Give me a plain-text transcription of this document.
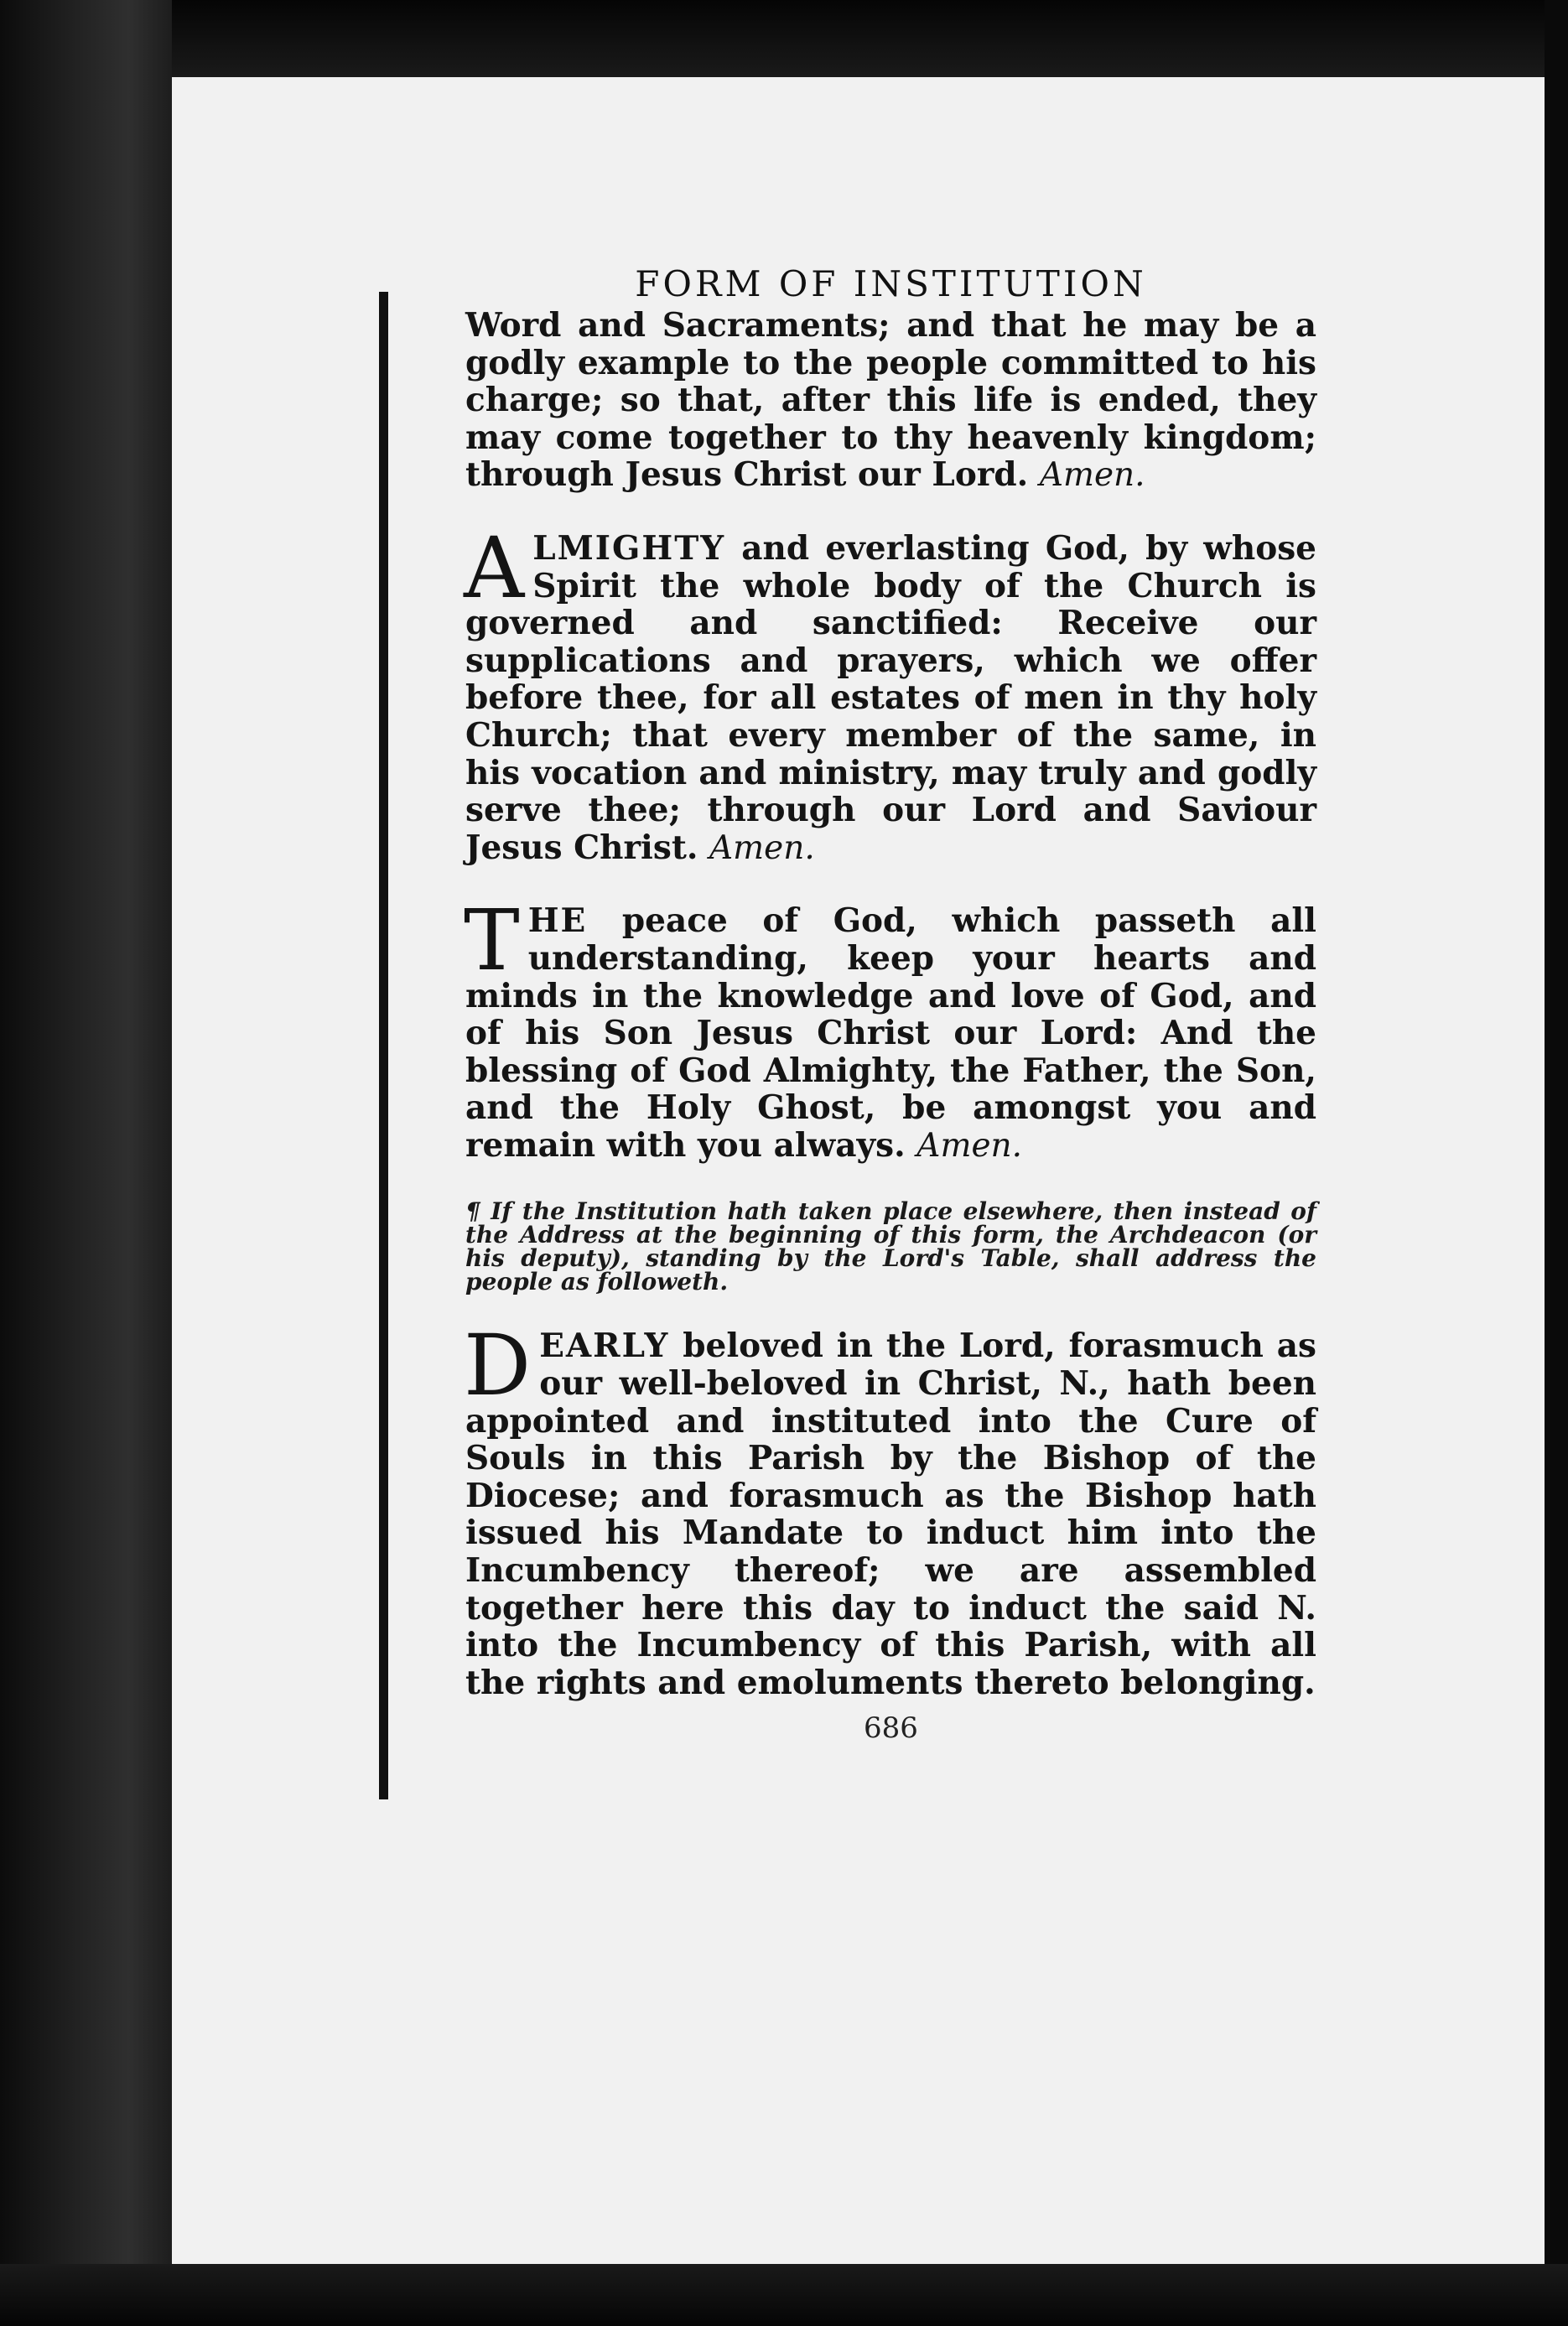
FORM OF INSTITUTION

Word and Sacraments; and that he may be a godly example to the people committed to his charge; so that, after this life is ended, they may come together to thy heavenly kingdom; through Jesus Christ our Lord. Amen.

ALMIGHTY and everlasting God, by whose Spirit the whole body of the Church is governed and sanctified: Receive our supplications and prayers, which we offer before thee, for all estates of men in thy holy Church; that every member of the same, in his vocation and ministry, may truly and godly serve thee; through our Lord and Saviour Jesus Christ. Amen.

THE peace of God, which passeth all understanding, keep your hearts and minds in the knowledge and love of God, and of his Son Jesus Christ our Lord: And the blessing of God Almighty, the Father, the Son, and the Holy Ghost, be amongst you and remain with you always. Amen.

¶ If the Institution hath taken place elsewhere, then instead of the Address at the beginning of this form, the Archdeacon (or his deputy), standing by the Lord's Table, shall address the people as followeth.

DEARLY beloved in the Lord, forasmuch as our well-beloved in Christ, N., hath been appointed and instituted into the Cure of Souls in this Parish by the Bishop of the Diocese; and forasmuch as the Bishop hath issued his Mandate to induct him into the Incumbency thereof; we are assembled together here this day to induct the said N. into the Incumbency of this Parish, with all the rights and emoluments thereto belonging.

686
